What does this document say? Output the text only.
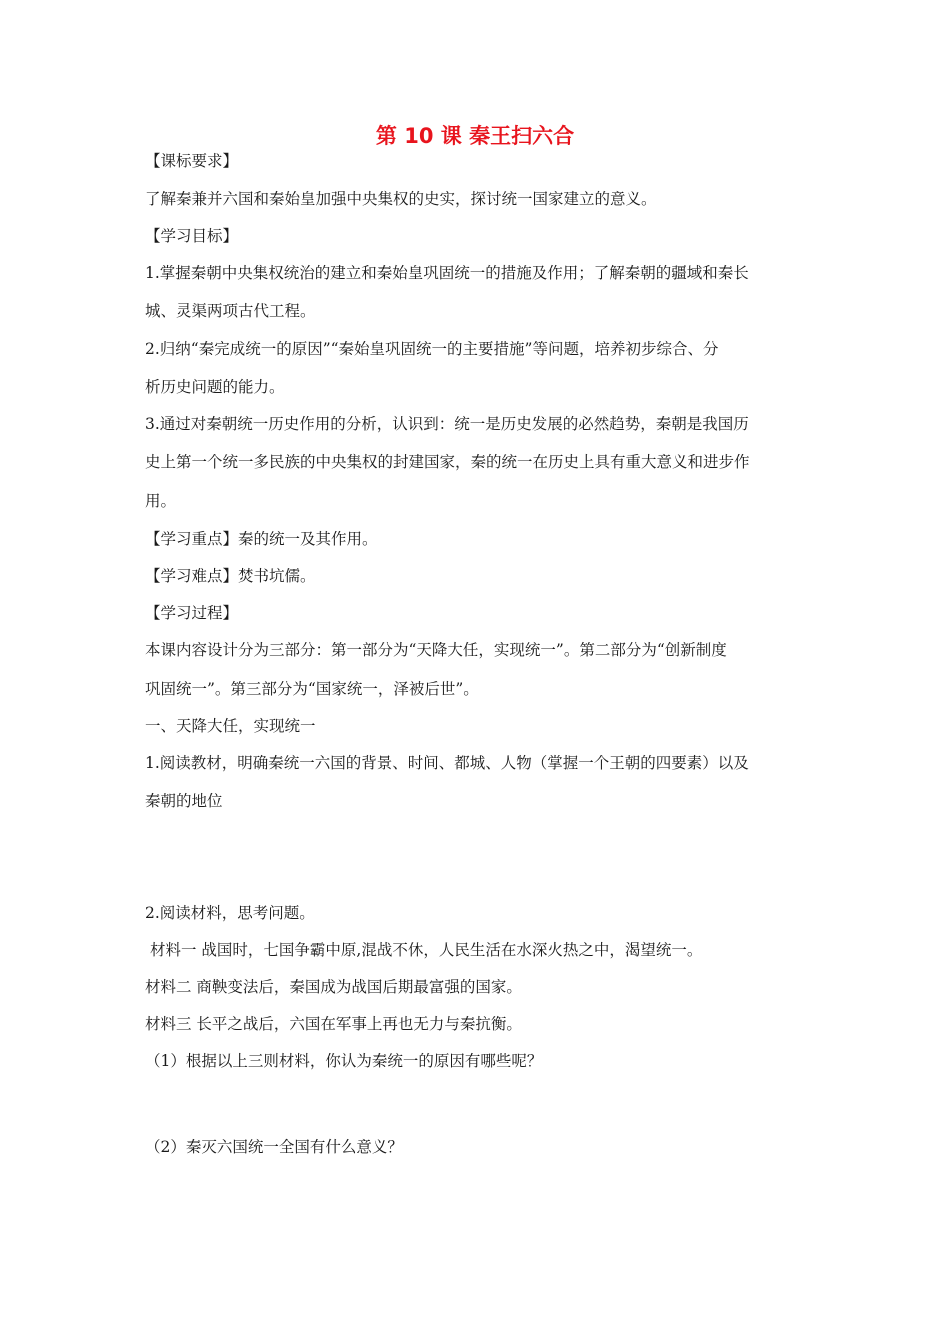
第 10 课 秦王扫六合
【课标要求】
了解秦兼并六国和秦始皇加强中央集权的史实，探讨统一国家建立的意义。
【学习目标】
1.掌握秦朝中央集权统治的建立和秦始皇巩固统一的措施及作用；了解秦朝的疆域和秦长
城、灵渠两项古代工程。
2.归纳“秦完成统一的原因”“秦始皇巩固统一的主要措施”等问题，培养初步综合、分
析历史问题的能力。
3.通过对秦朝统一历史作用的分析，认识到：统一是历史发展的必然趋势，秦朝是我国历
史上第一个统一多民族的中央集权的封建国家，秦的统一在历史上具有重大意义和进步作
用。
【学习重点】秦的统一及其作用。
【学习难点】焚书坑儒。
【学习过程】
本课内容设计分为三部分：第一部分为“天降大任，实现统一”。第二部分为“创新制度
巩固统一”。第三部分为“国家统一，泽被后世”。
一、天降大任，实现统一
1.阅读教材，明确秦统一六国的背景、时间、都城、人物（掌握一个王朝的四要素）以及
秦朝的地位
2.阅读材料，思考问题。
材料一 战国时，七国争霸中原,混战不休，人民生活在水深火热之中，渴望统一。
材料二 商鞅变法后，秦国成为战国后期最富强的国家。
材料三 长平之战后，六国在军事上再也无力与秦抗衡。
（1）根据以上三则材料，你认为秦统一的原因有哪些呢？
（2）秦灭六国统一全国有什么意义？
